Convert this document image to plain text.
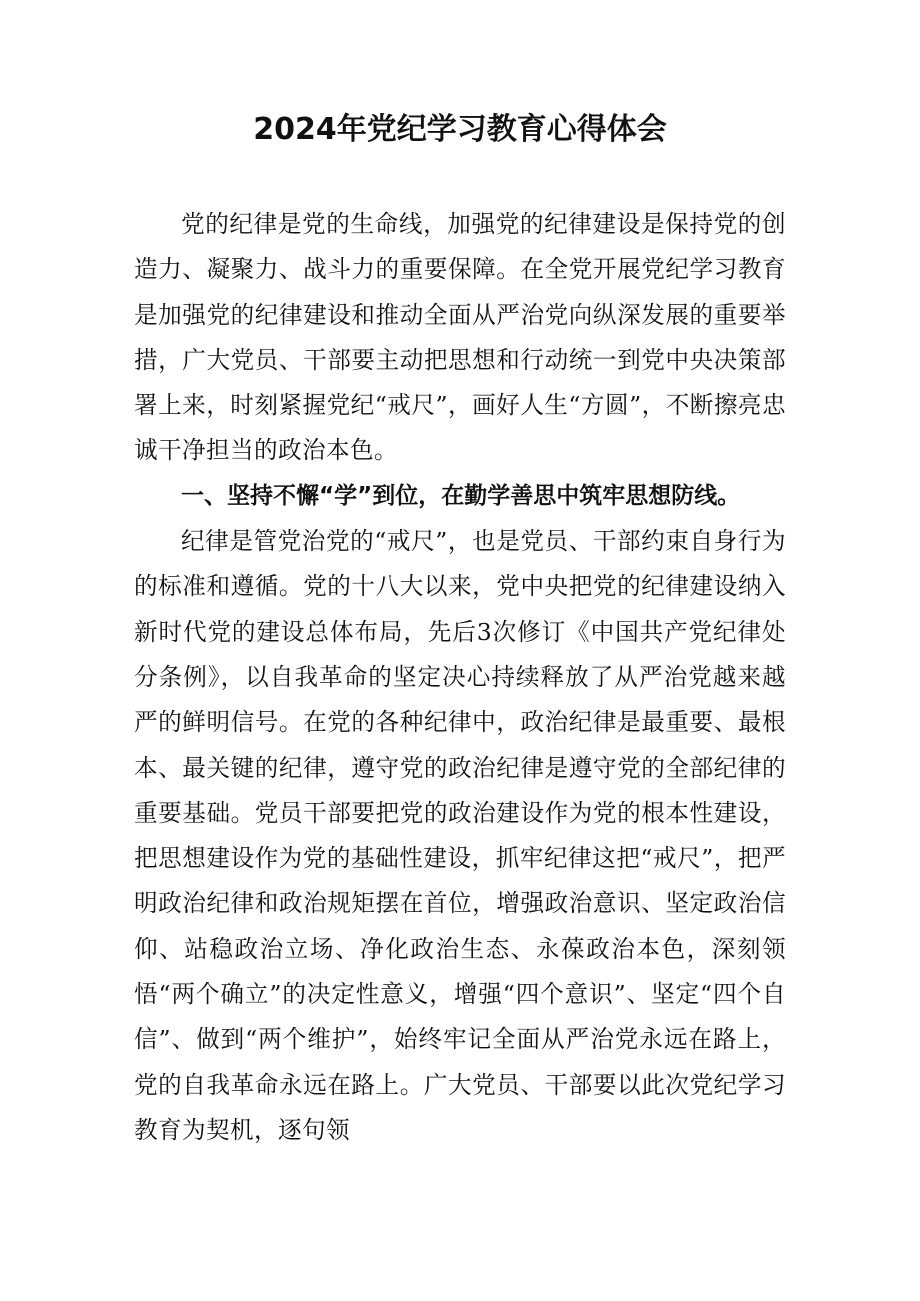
2024年党纪学习教育心得体会

党的纪律是党的生命线，加强党的纪律建设是保持党的创造力、凝聚力、战斗力的重要保障。在全党开展党纪学习教育是加强党的纪律建设和推动全面从严治党向纵深发展的重要举措，广大党员、干部要主动把思想和行动统一到党中央决策部署上来，时刻紧握党纪“戒尺”，画好人生“方圆”，不断擦亮忠诚干净担当的政治本色。

一、坚持不懈“学”到位，在勤学善思中筑牢思想防线。

纪律是管党治党的“戒尺”，也是党员、干部约束自身行为的标准和遵循。党的十八大以来，党中央把党的纪律建设纳入新时代党的建设总体布局，先后3次修订《中国共产党纪律处分条例》，以自我革命的坚定决心持续释放了从严治党越来越严的鲜明信号。在党的各种纪律中，政治纪律是最重要、最根本、最关键的纪律，遵守党的政治纪律是遵守党的全部纪律的重要基础。党员干部要把党的政治建设作为党的根本性建设，把思想建设作为党的基础性建设，抓牢纪律这把“戒尺”，把严明政治纪律和政治规矩摆在首位，增强政治意识、坚定政治信仰、站稳政治立场、净化政治生态、永葆政治本色，深刻领悟“两个确立”的决定性意义，增强“四个意识”、坚定“四个自信”、做到“两个维护”，始终牢记全面从严治党永远在路上，党的自我革命永远在路上。广大党员、干部要以此次党纪学习教育为契机，逐句领
